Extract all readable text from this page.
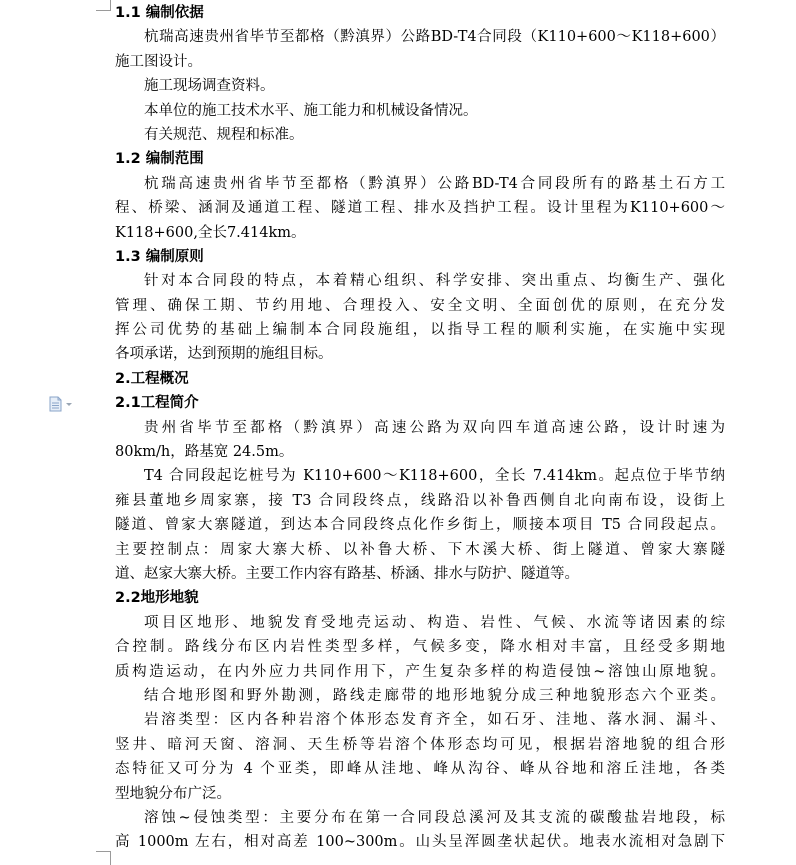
1.1 编制依据
杭瑞高速贵州省毕节至都格（黔滇界）公路BD-T4合同段（K110+600～K118+600）
施工图设计。
施工现场调查资料。
本单位的施工技术水平、施工能力和机械设备情况。
有关规范、规程和标准。
1.2 编制范围
杭瑞高速贵州省毕节至都格（黔滇界）公路BD-T4合同段所有的路基土石方工
程、桥梁、涵洞及通道工程、隧道工程、排水及挡护工程。设计里程为K110+600～
K118+600,全长7.414km。
1.3 编制原则
针对本合同段的特点，本着精心组织、科学安排、突出重点、均衡生产、强化
管理、确保工期、节约用地、合理投入、安全文明、全面创优的原则，在充分发
挥公司优势的基础上编制本合同段施组，以指导工程的顺利实施，在实施中实现
各项承诺，达到预期的施组目标。
2.工程概况
2.1工程简介
贵州省毕节至都格（黔滇界）高速公路为双向四车道高速公路，设计时速为
80km/h，路基宽 24.5m。
T4 合同段起讫桩号为 K110+600～K118+600，全长 7.414km。起点位于毕节纳
雍县董地乡周家寨，接 T3 合同段终点，线路沿以补鲁西侧自北向南布设，设街上
隧道、曾家大寨隧道，到达本合同段终点化作乡街上，顺接本项目 T5 合同段起点。
主要控制点：周家大寨大桥、以补鲁大桥、下木溪大桥、街上隧道、曾家大寨隧
道、赵家大寨大桥。主要工作内容有路基、桥涵、排水与防护、隧道等。
2.2地形地貌
项目区地形、地貌发育受地壳运动、构造、岩性、气候、水流等诸因素的综
合控制。路线分布区内岩性类型多样，气候多变，降水相对丰富，且经受多期地
质构造运动，在内外应力共同作用下，产生复杂多样的构造侵蚀~溶蚀山原地貌。
结合地形图和野外勘测，路线走廊带的地形地貌分成三种地貌形态六个亚类。
岩溶类型：区内各种岩溶个体形态发育齐全，如石牙、洼地、落水洞、漏斗、
竖井、暗河天窗、溶洞、天生桥等岩溶个体形态均可见，根据岩溶地貌的组合形
态特征又可分为 4 个亚类，即峰从洼地、峰从沟谷、峰从谷地和溶丘洼地，各类
型地貌分布广泛。
溶蚀~侵蚀类型：主要分布在第一合同段总溪河及其支流的碳酸盐岩地段，标
高 1000m 左右，相对高差 100~300m。山头呈浑圆垄状起伏。地表水流相对急剧下
